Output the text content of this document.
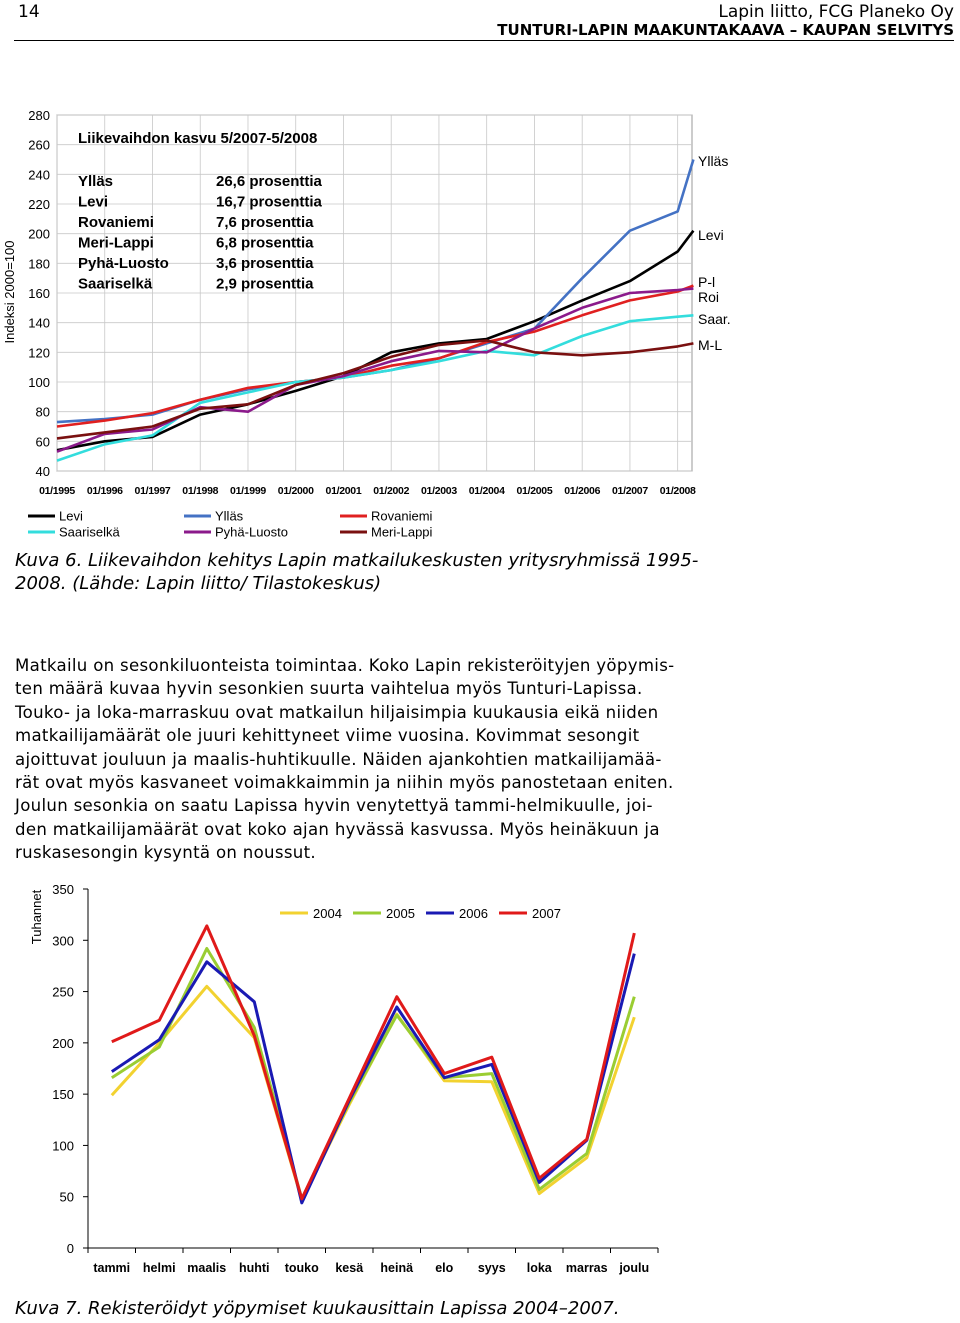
14	Lapin liitto, FCG Planeko Oy
TUNTURI-LAPIN MAAKUNTAKAAVA – KAUPAN SELVITYS
40
60
80
100
120
140
160
180
200
220
240
260
280
01/1995 01/1996 01/1997 01/1998 01/1999 01/2000 01/2001 01/2002 01/2003 01/2004 01/2005 01/2006 01/2007 01/2008
Indeksi 2000=100
Liikevaihdon kasvu 5/2007-5/2008
Ylläs	26,6 prosenttia
Levi	16,7 prosenttia
Rovaniemi	7,6 prosenttia
Meri-Lappi	6,8 prosenttia
Pyhä-Luosto	3,6 prosenttia
Saariselkä	2,9 prosenttia
Ylläs
Levi
P-l
Roi
Saar.
M-L
Levi	Ylläs	Rovaniemi
Saariselkä	Pyhä-Luosto	Meri-Lappi
Kuva 6. Liikevaihdon kehitys Lapin matkailukeskusten yritysryhmissä 1995-
2008. (Lähde: Lapin liitto/ Tilastokeskus)
Matkailu on sesonkiluonteista toimintaa. Koko Lapin rekisteröityjen yöpymis-
ten määrä kuvaa hyvin sesonkien suurta vaihtelua myös Tunturi-Lapissa.
Touko- ja loka-marraskuu ovat matkailun hiljaisimpia kuukausia eikä niiden
matkailijamäärät ole juuri kehittyneet viime vuosina. Kovimmat sesongit
ajoittuvat jouluun ja maalis-huhtikuulle. Näiden ajankohtien matkailijamää-
rät ovat myös kasvaneet voimakkaimmin ja niihin myös panostetaan eniten.
Joulun sesonkia on saatu Lapissa hyvin venytettyä tammi-helmikuulle, joi-
den matkailijamäärät ovat koko ajan hyvässä kasvussa. Myös heinäkuun ja
ruskasesongin kysyntä on noussut.
0
50
100
150
200
250
300
350
tammi helmi maalis huhti touko kesä heinä elo syys loka marras joulu
Tuhannet	2004	2005	2006	2007
Kuva 7. Rekisteröidyt yöpymiset kuukausittain Lapissa 2004–2007.
